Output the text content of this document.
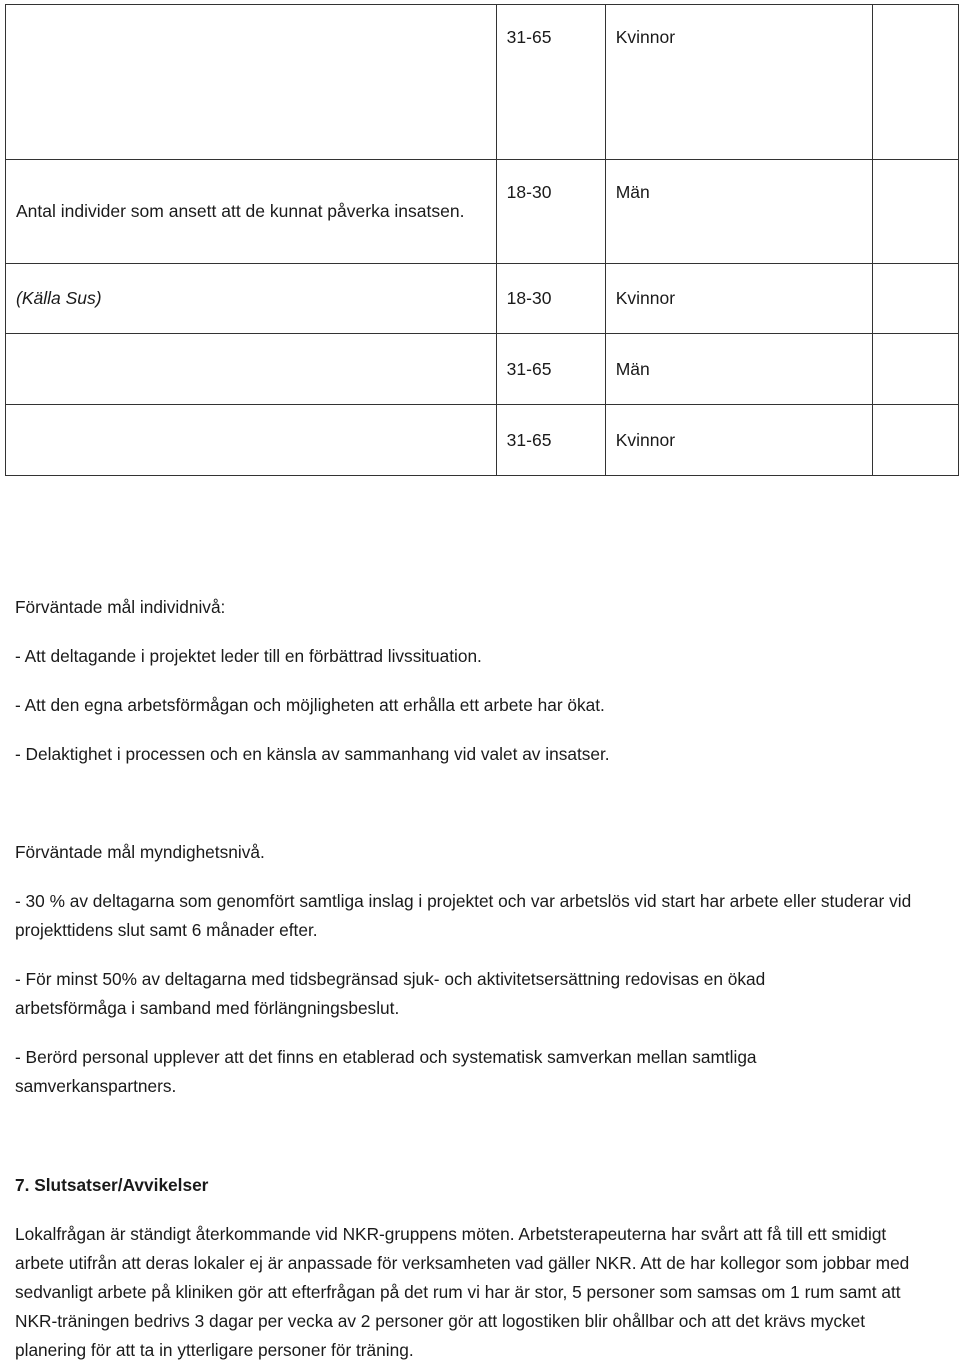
	31-65	Kvinnor	
Antal individer som ansett att de kunnat påverka insatsen.	18-30	Män	
(Källa Sus)	18-30	Kvinnor	
	31-65	Män	
	31-65	Kvinnor	

Förväntade mål individnivå:

- Att deltagande i projektet leder till en förbättrad livssituation.

- Att den egna arbetsförmågan och möjligheten att erhålla ett arbete har ökat.

- Delaktighet i processen och en känsla av sammanhang vid valet av insatser.

Förväntade mål myndighetsnivå.

- 30 % av deltagarna som genomfört samtliga inslag i projektet och var arbetslös vid start har arbete eller studerar vid projekttidens slut samt 6 månader efter.

- För minst 50% av deltagarna med tidsbegränsad sjuk- och aktivitetsersättning redovisas en ökad arbetsförmåga i samband med förlängningsbeslut.

- Berörd personal upplever att det finns en etablerad och systematisk samverkan mellan samtliga samverkanspartners.

7. Slutsatser/Avvikelser

Lokalfrågan är ständigt återkommande vid NKR-gruppens möten. Arbetsterapeuterna har svårt att få till ett smidigt arbete utifrån att deras lokaler ej är anpassade för verksamheten vad gäller NKR. Att de har kollegor som jobbar med sedvanligt arbete på kliniken gör att efterfrågan på det rum vi har är stor, 5 personer som samsas om 1 rum samt att NKR-träningen bedrivs 3 dagar per vecka av 2 personer gör att logostiken blir ohållbar och att det krävs mycket planering för att ta in ytterligare personer för träning.
